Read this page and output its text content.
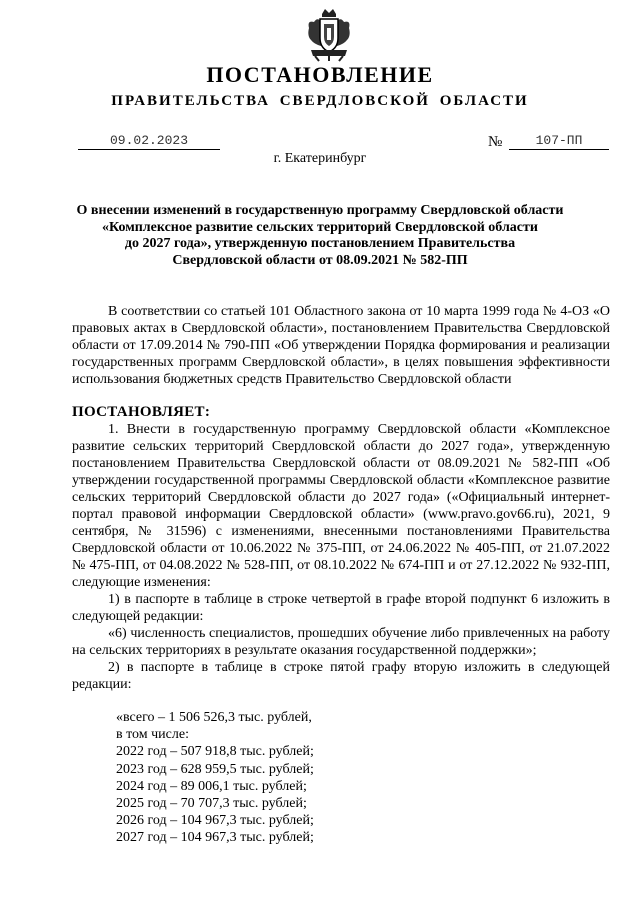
ПОСТАНОВЛЕНИЕ
ПРАВИТЕЛЬСТВА СВЕРДЛОВСКОЙ ОБЛАСТИ
09.02.2023	№	107-ПП
г. Екатеринбург
О внесении изменений в государственную программу Свердловской области
«Комплексное развитие сельских территорий Свердловской области
до 2027 года», утвержденную постановлением Правительства
Свердловской области от 08.09.2021 № 582-ПП

В соответствии со статьей 101 Областного закона от 10 марта 1999 года № 4-ОЗ «О правовых актах в Свердловской области», постановлением Правительства Свердловской области от 17.09.2014 № 790-ПП «Об утверждении Порядка формирования и реализации государственных программ Свердловской области», в целях повышения эффективности использования бюджетных средств Правительство Свердловской области

ПОСТАНОВЛЯЕТ:

1. Внести в государственную программу Свердловской области «Комплексное развитие сельских территорий Свердловской области до 2027 года», утвержденную постановлением Правительства Свердловской области от 08.09.2021 № 582-ПП «Об утверждении государственной программы Свердловской области «Комплексное развитие сельских территорий Свердловской области до 2027 года» («Официальный интернет-портал правовой информации Свердловской области» (www.pravo.gov66.ru), 2021, 9 сентября, № 31596) с изменениями, внесенными постановлениями Правительства Свердловской области от 10.06.2022 № 375-ПП, от 24.06.2022 № 405-ПП, от 21.07.2022 № 475-ПП, от 04.08.2022 № 528-ПП, от 08.10.2022 № 674-ПП и от 27.12.2022 № 932-ПП, следующие изменения:

1) в паспорте в таблице в строке четвертой в графе второй подпункт 6 изложить в следующей редакции:

«6) численность специалистов, прошедших обучение либо привлеченных на работу на сельских территориях в результате оказания государственной поддержки»;

2) в паспорте в таблице в строке пятой графу вторую изложить в следующей редакции:

«всего – 1 506 526,3 тыс. рублей,
в том числе:
2022 год – 507 918,8 тыс. рублей;
2023 год – 628 959,5 тыс. рублей;
2024 год – 89 006,1 тыс. рублей;
2025 год – 70 707,3 тыс. рублей;
2026 год – 104 967,3 тыс. рублей;
2027 год – 104 967,3 тыс. рублей;
